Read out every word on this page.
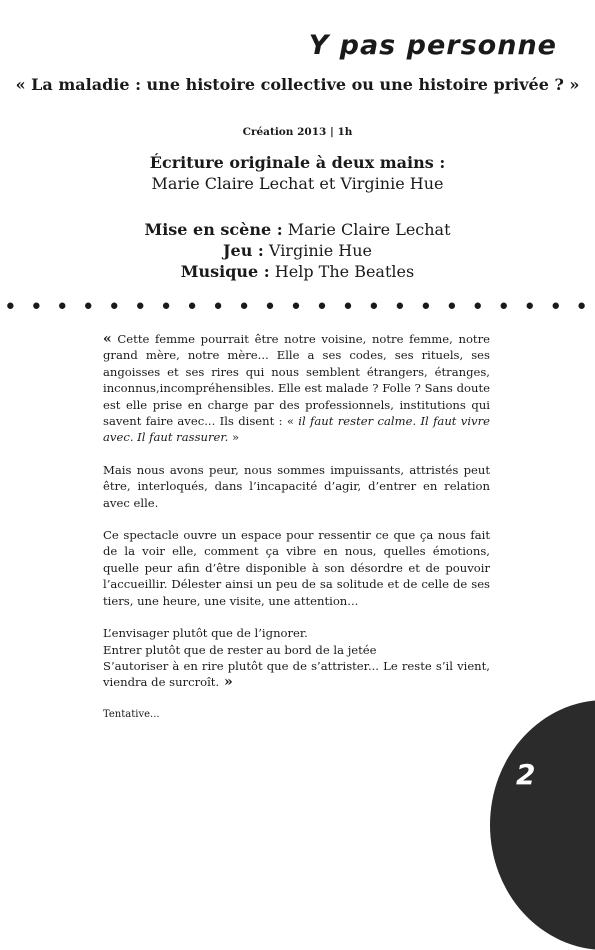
Y pas personne
« La maladie : une histoire collective ou une histoire privée ? »
Création 2013 | 1h
Écriture originale à deux mains :
Marie Claire Lechat et Virginie Hue
Mise en scène : Marie Claire Lechat
Jeu : Virginie Hue
Musique : Help The Beatles
• • • • • • • • • • • • • • • • • • • • • • •

« Cette femme pourrait être notre voisine, notre femme, notre grand mère, notre mère... Elle a ses codes, ses rituels, ses angoisses et ses rires qui nous semblent étrangers, étranges, inconnus,incompréhensibles. Elle est malade ? Folle ? Sans doute est elle prise en charge par des professionnels, institutions qui savent faire avec... Ils disent : « il faut rester calme. Il faut vivre avec. Il faut rassurer. »

Mais nous avons peur, nous sommes impuissants, attristés peut être, interloqués, dans l’incapacité d’agir, d’entrer en relation avec elle.

Ce spectacle ouvre un espace pour ressentir ce que ça nous fait de la voir elle, comment ça vibre en nous, quelles émotions, quelle peur afin d’être disponible à son désordre et de pouvoir l’accueillir. Délester ainsi un peu de sa solitude et de celle de ses tiers, une heure, une visite, une attention...

L’envisager plutôt que de l’ignorer.

Entrer plutôt que de rester au bord de la jetée

S’autoriser à en rire plutôt que de s’attrister... Le reste s’il vient, viendra de surcroît. »

Tentative...

2
